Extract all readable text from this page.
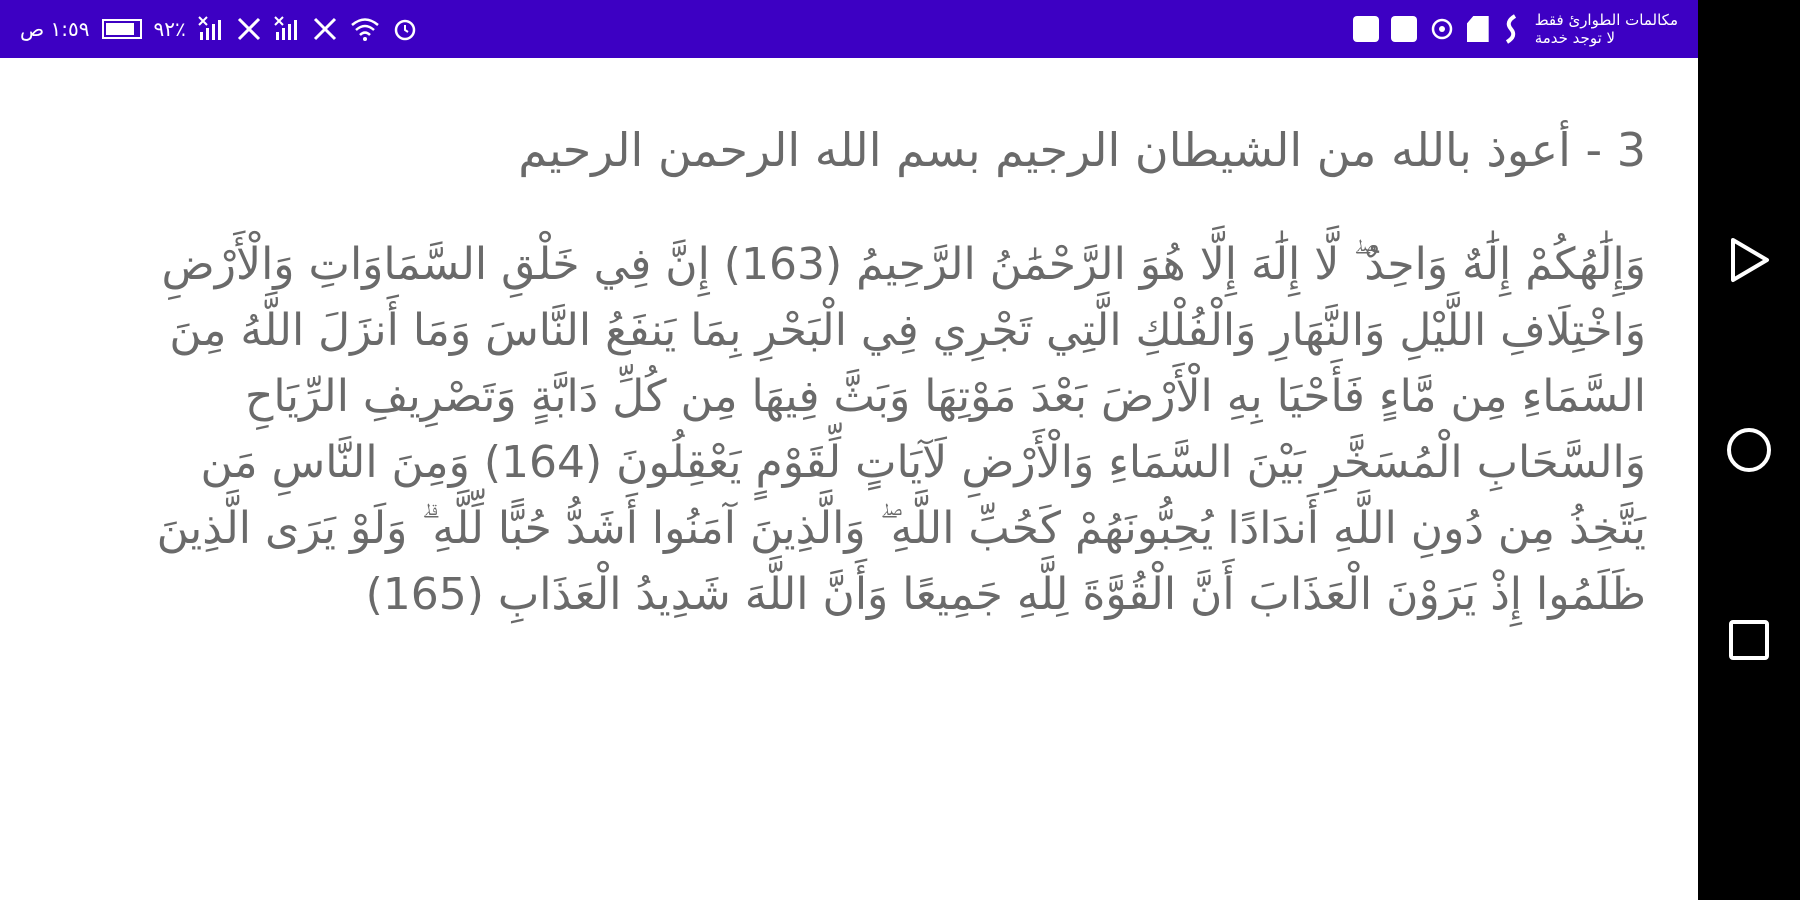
١:٥٩ ص	٩٢٪	مكالمات الطوارئ فقط
لا توجد خدمة

3 - أعوذ بالله من الشيطان الرجيم بسم الله الرحمن الرحيم

وَإِلَٰهُكُمْ إِلَٰهٌ وَاحِدٌ ۖ لَّا إِلَٰهَ إِلَّا هُوَ الرَّحْمَٰنُ الرَّحِيمُ (163) إِنَّ فِي خَلْقِ السَّمَاوَاتِ وَالْأَرْضِ وَاخْتِلَافِ اللَّيْلِ وَالنَّهَارِ وَالْفُلْكِ الَّتِي تَجْرِي فِي الْبَحْرِ بِمَا يَنفَعُ النَّاسَ وَمَا أَنزَلَ اللَّهُ مِنَ السَّمَاءِ مِن مَّاءٍ فَأَحْيَا بِهِ الْأَرْضَ بَعْدَ مَوْتِهَا وَبَثَّ فِيهَا مِن كُلِّ دَابَّةٍ وَتَصْرِيفِ الرِّيَاحِ وَالسَّحَابِ الْمُسَخَّرِ بَيْنَ السَّمَاءِ وَالْأَرْضِ لَآيَاتٍ لِّقَوْمٍ يَعْقِلُونَ (164) وَمِنَ النَّاسِ مَن يَتَّخِذُ مِن دُونِ اللَّهِ أَندَادًا يُحِبُّونَهُمْ كَحُبِّ اللَّهِ ۖ وَالَّذِينَ آمَنُوا أَشَدُّ حُبًّا لِّلَّهِ ۗ وَلَوْ يَرَى الَّذِينَ ظَلَمُوا إِذْ يَرَوْنَ الْعَذَابَ أَنَّ الْقُوَّةَ لِلَّهِ جَمِيعًا وَأَنَّ اللَّهَ شَدِيدُ الْعَذَابِ (165)
